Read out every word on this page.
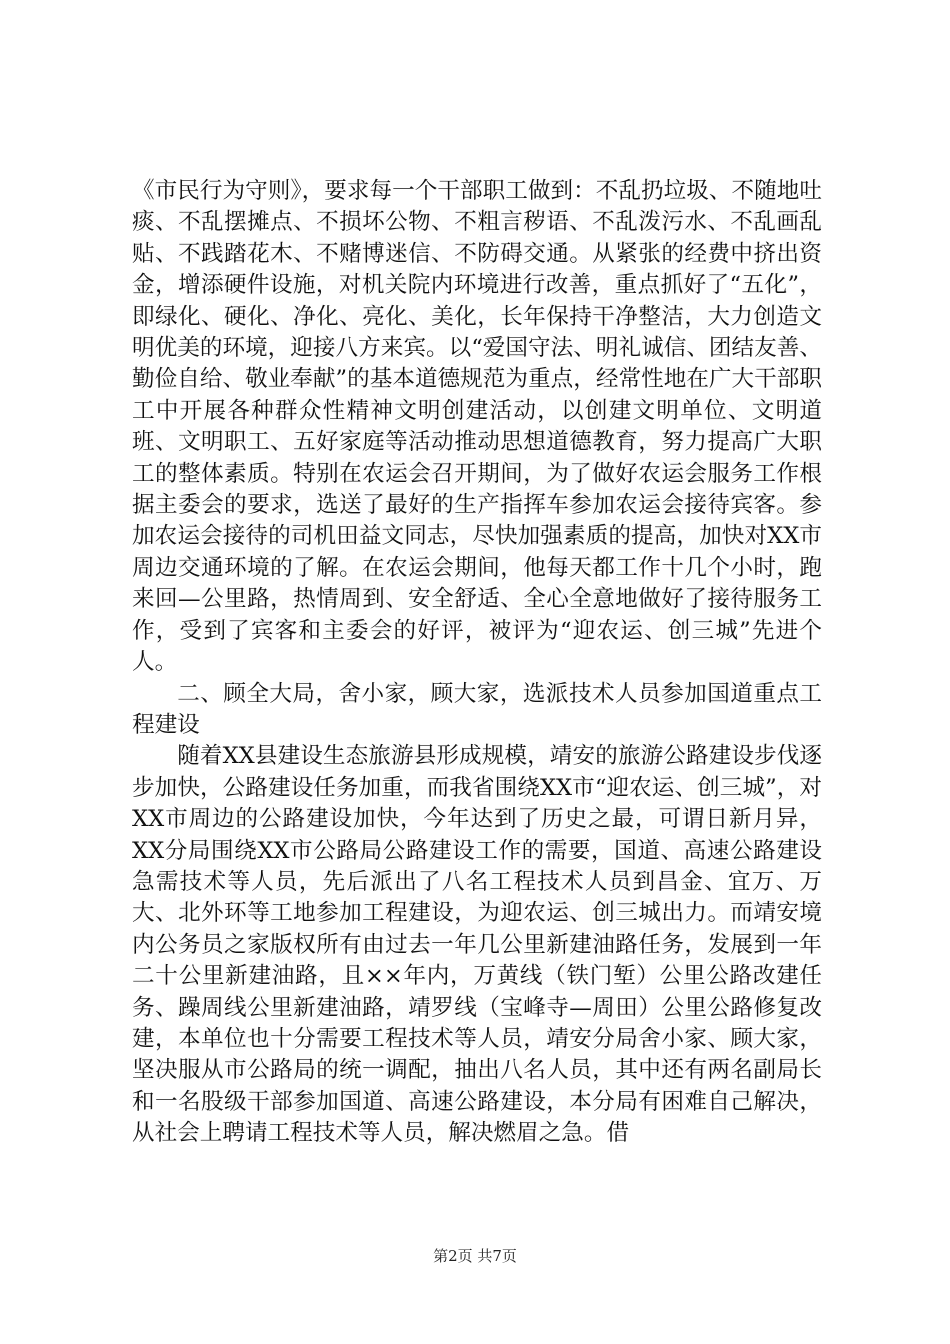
《市民行为守则》，要求每一个干部职工做到：不乱扔垃圾、不随地吐痰、不乱摆摊点、不损坏公物、不粗言秽语、不乱泼污水、不乱画乱贴、不践踏花木、不赌博迷信、不防碍交通。从紧张的经费中挤出资金，增添硬件设施，对机关院内环境进行改善，重点抓好了“五化”，即绿化、硬化、净化、亮化、美化，长年保持干净整洁，大力创造文明优美的环境，迎接八方来宾。以“爱国守法、明礼诚信、团结友善、勤俭自给、敬业奉献”的基本道德规范为重点，经常性地在广大干部职工中开展各种群众性精神文明创建活动，以创建文明单位、文明道班、文明职工、五好家庭等活动推动思想道德教育，努力提高广大职工的整体素质。特别在农运会召开期间，为了做好农运会服务工作根据主委会的要求，选送了最好的生产指挥车参加农运会接待宾客。参加农运会接待的司机田益文同志，尽快加强素质的提高，加快对XX市周边交通环境的了解。在农运会期间，他每天都工作十几个小时，跑来回—公里路，热情周到、安全舒适、全心全意地做好了接待服务工作，受到了宾客和主委会的好评，被评为“迎农运、创三城”先进个人。

二、顾全大局，舍小家，顾大家，选派技术人员参加国道重点工程建设

随着XX县建设生态旅游县形成规模，靖安的旅游公路建设步伐逐步加快，公路建设任务加重，而我省围绕XX市“迎农运、创三城”，对XX市周边的公路建设加快，今年达到了历史之最，可谓日新月异，XX分局围绕XX市公路局公路建设工作的需要，国道、高速公路建设急需技术等人员，先后派出了八名工程技术人员到昌金、宜万、万大、北外环等工地参加工程建设，为迎农运、创三城出力。而靖安境内公务员之家版权所有由过去一年几公里新建油路任务，发展到一年二十公里新建油路，且××年内，万黄线（铁门堑）公里公路改建任务、躁周线公里新建油路，靖罗线（宝峰寺—周田）公里公路修复改建，本单位也十分需要工程技术等人员，靖安分局舍小家、顾大家，坚决服从市公路局的统一调配，抽出八名人员，其中还有两名副局长和一名股级干部参加国道、高速公路建设，本分局有困难自己解决，从社会上聘请工程技术等人员，解决燃眉之急。借

第2页 共7页
